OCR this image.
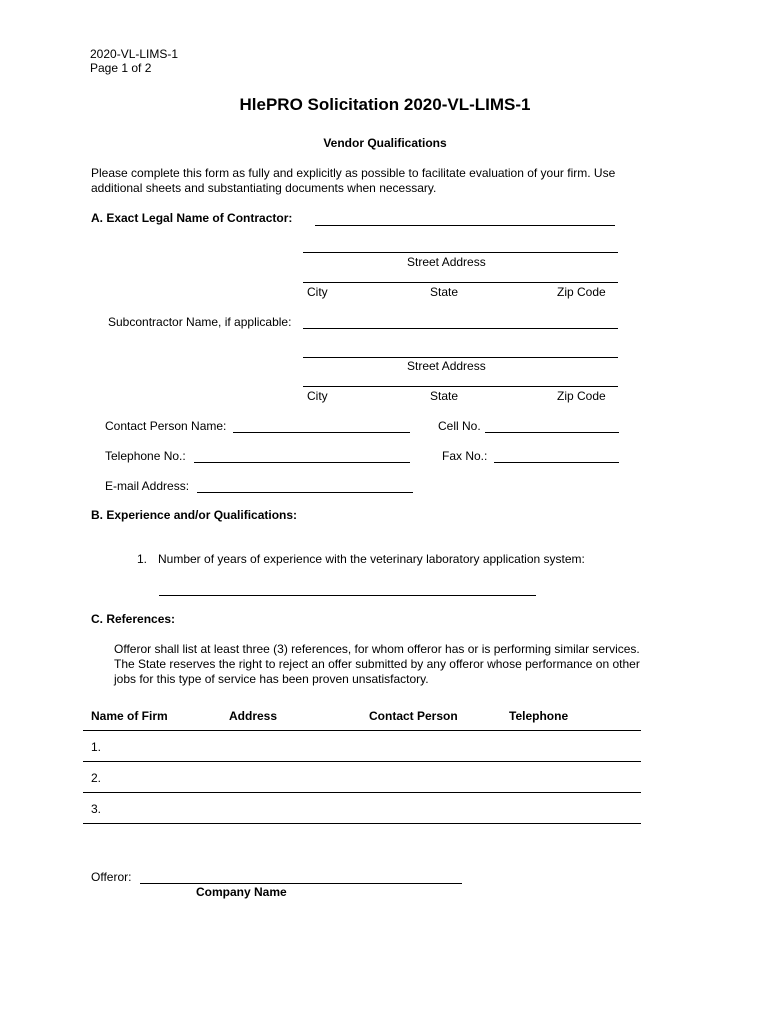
2020-VL-LIMS-1
Page 1 of 2
HlePRO Solicitation 2020-VL-LIMS-1
Vendor Qualifications
Please complete this form as fully and explicitly as possible to facilitate evaluation of your firm. Use
additional sheets and substantiating documents when necessary.
A. Exact Legal Name of Contractor:
Street Address
City	State	Zip Code
Subcontractor Name, if applicable:
Street Address
City	State	Zip Code
Contact Person Name:	Cell No.
Telephone No.:	Fax No.:
E-mail Address:
B. Experience and/or Qualifications:
1. Number of years of experience with the veterinary laboratory application system:
C. References:
Offeror shall list at least three (3) references, for whom offeror has or is performing similar services.
The State reserves the right to reject an offer submitted by any offeror whose performance on other
jobs for this type of service has been proven unsatisfactory.
Name of Firm	Address	Contact Person	Telephone
1.
2.
3.
Offeror:
Company Name
